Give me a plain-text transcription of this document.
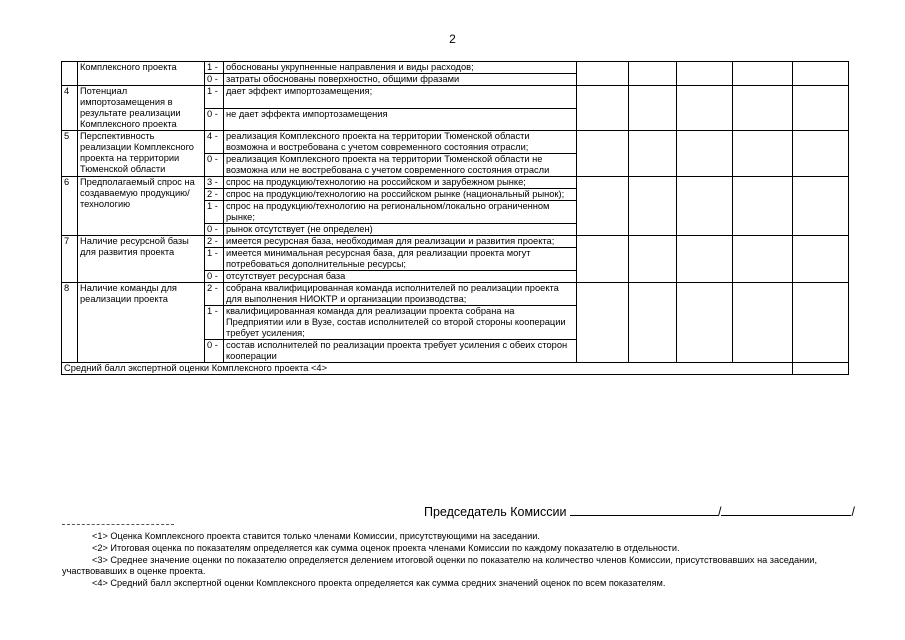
2
	Комплексного проекта	1 -	обоснованы укрупненные направления и виды расходов;					
		0 -	затраты обоснованы поверхностно, общими фразами					
4	Потенциал импортозамещения в результате реализации Комплексного проекта	1 -	дает эффект импортозамещения;					
		0 -	не дает эффекта импортозамещения					
5	Перспективность реализации Комплексного проекта на территории Тюменской области	4 -	реализация Комплексного проекта на территории Тюменской области возможна и востребована с учетом современного состояния отрасли;					
		0 -	реализация Комплексного проекта на территории Тюменской области не возможна или не востребована с учетом современного состояния отрасли					
6	Предполагаемый спрос на создаваемую продукцию/технологию	3 -	спрос на продукцию/технологию на российском и зарубежном рынке;					
		2 -	спрос на продукцию/технологию на российском рынке (национальный рынок);					
		1 -	спрос на продукцию/технологию на региональном/локально ограниченном рынке;					
		0 -	рынок отсутствует (не определен)					
7	Наличие ресурсной базы для развития проекта	2 -	имеется ресурсная база, необходимая для реализации и развития проекта;					
		1 -	имеется минимальная ресурсная база, для реализации проекта могут потребоваться дополнительные ресурсы;					
		0 -	отсутствует ресурсная база					
8	Наличие команды для реализации проекта	2 -	собрана квалифицированная команда исполнителей по реализации проекта для выполнения НИОКТР и организации производства;					
		1 -	квалифицированная команда для реализации проекта собрана на Предприятии или в Вузе, состав исполнителей со второй стороны кооперации требует усиления;					
		0 -	состав исполнителей по реализации проекта требует усиления с обеих сторон кооперации					
Средний балл экспертной оценки Комплексного проекта <4>								
Председатель Комиссии	/	/

<1> Оценка Комплексного проекта ставится только членами Комиссии, присутствующими на заседании.

<2> Итоговая оценка по показателям определяется как сумма оценок проекта членами Комиссии по каждому показателю в отдельности.

<3> Среднее значение оценки по показателю определяется делением итоговой оценки по показателю на количество членов Комиссии, присутствовавших на заседании, участвовавших в оценке проекта.

<4> Средний балл экспертной оценки Комплексного проекта определяется как сумма средних значений оценок по всем показателям.
